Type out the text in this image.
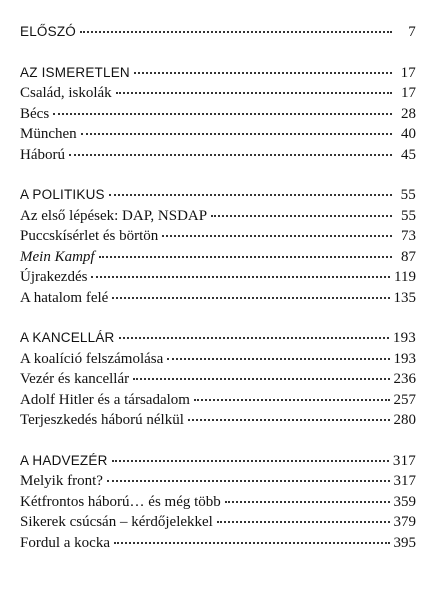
ELŐSZÓ	7
AZ ISMERETLEN	17
Család, iskolák	17
Bécs	28
München	40
Háború	45
A POLITIKUS	55
Az első lépések: DAP, NSDAP	55
Puccskísérlet és börtön	73
Mein Kampf	87
Újrakezdés	119
A hatalom felé	135
A KANCELLÁR	193
A koalíció felszámolása	193
Vezér és kancellár	236
Adolf Hitler és a társadalom	257
Terjeszkedés háború nélkül	280
A HADVEZÉR	317
Melyik front?	317
Kétfrontos háború… és még több	359
Sikerek csúcsán – kérdőjelekkel	379
Fordul a kocka	395
